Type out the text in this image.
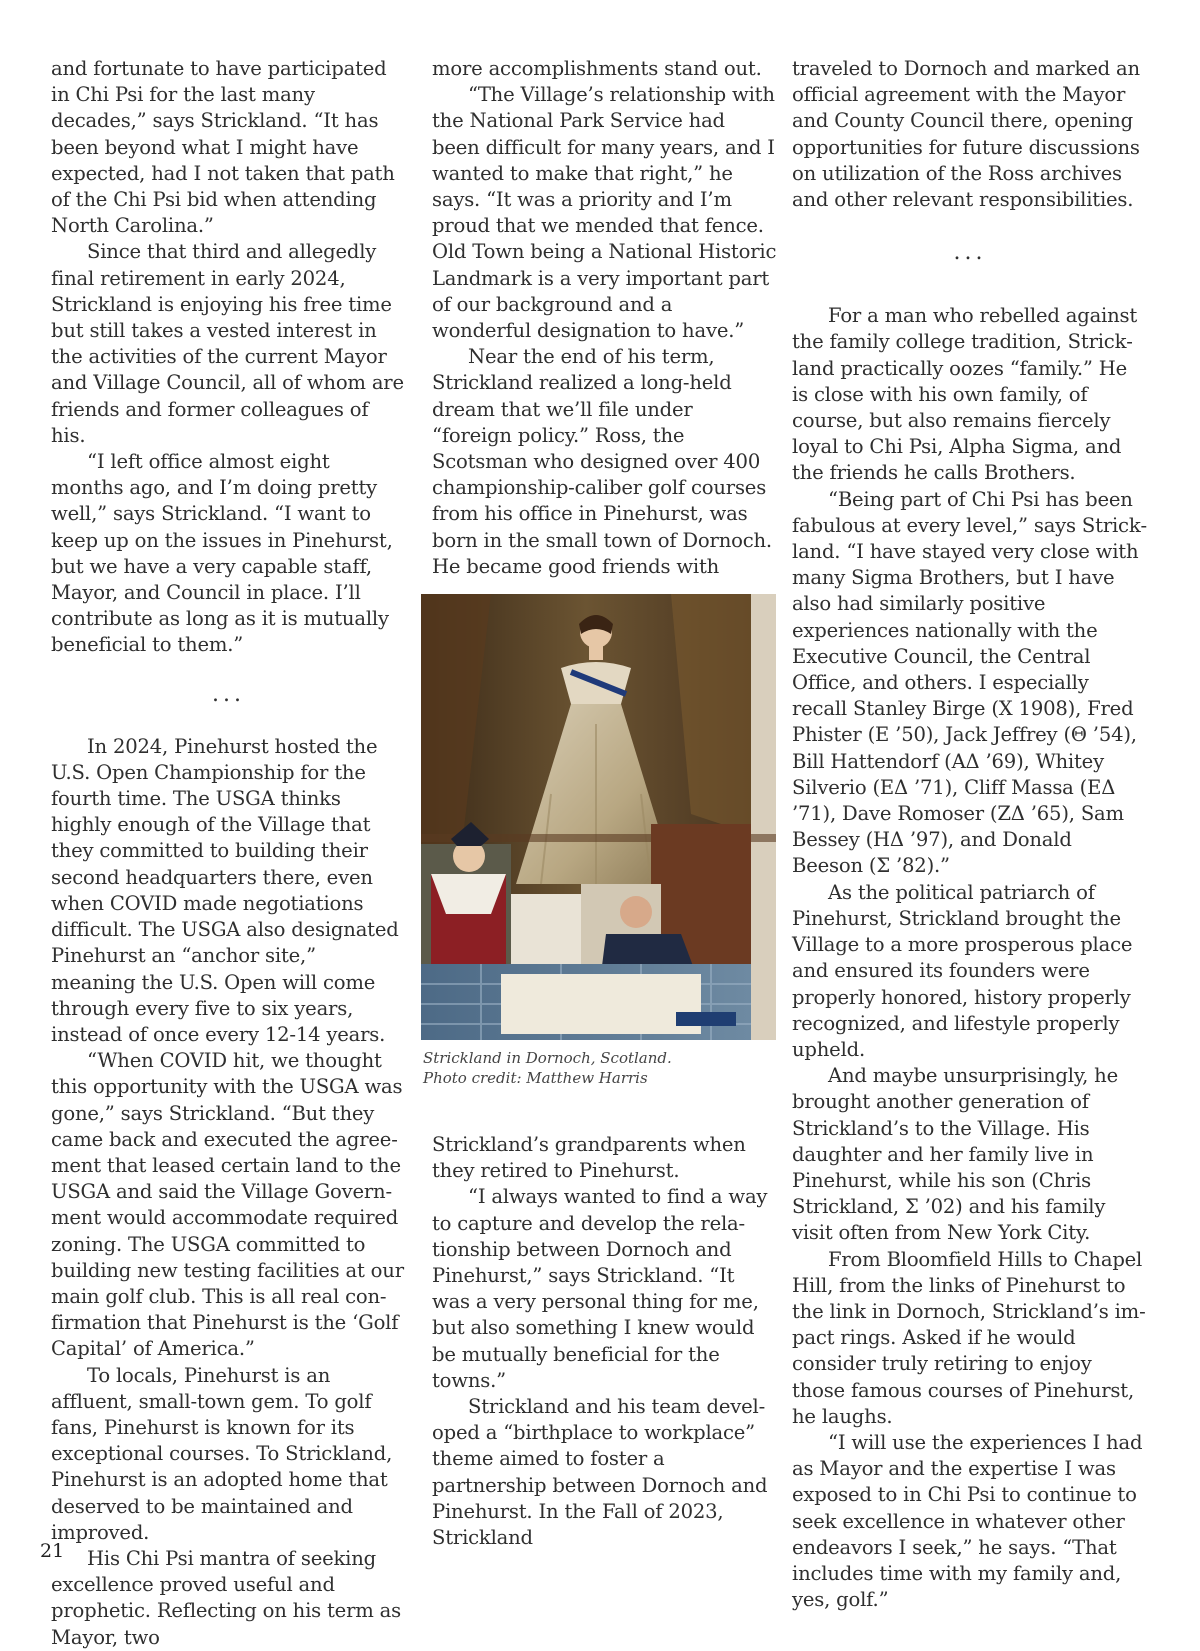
and fortunate to have participated in Chi Psi for the last many decades,” says Strickland. “It has been beyond what I might have expected, had I not taken that path of the Chi Psi bid when attending North Carolina.”

Since that third and allegedly final retirement in early 2024, Strickland is enjoying his free time but still takes a vested interest in the activities of the current Mayor and Village Council, all of whom are friends and former colleagues of his.

“I left office almost eight months ago, and I’m doing pretty well,” says Strickland. “I want to keep up on the issues in Pinehurst, but we have a very capable staff, Mayor, and Council in place. I’ll contribute as long as it is mutually beneficial to them.”

...

In 2024, Pinehurst hosted the U.S. Open Championship for the fourth time. The USGA thinks highly enough of the Village that they committed to building their second headquarters there, even when COVID made negotiations difficult. The USGA also designated Pinehurst an “anchor site,” meaning the U.S. Open will come through every five to six years, instead of once every 12-14 years.

“When COVID hit, we thought this opportunity with the USGA was gone,” says Strickland. “But they came back and executed the agreement that leased certain land to the USGA and said the Village Government would accommodate required zoning. The USGA committed to building new testing facilities at our main golf club. This is all real confirmation that Pinehurst is the ‘Golf Capital’ of America.”

To locals, Pinehurst is an affluent, small-town gem. To golf fans, Pinehurst is known for its exceptional courses. To Strickland, Pinehurst is an adopted home that deserved to be maintained and improved.

His Chi Psi mantra of seeking excellence proved useful and prophetic. Reflecting on his term as Mayor, two

more accomplishments stand out.

“The Village’s relationship with the National Park Service had been difficult for many years, and I wanted to make that right,” he says. “It was a priority and I’m proud that we mended that fence. Old Town being a National Historic Landmark is a very important part of our background and a wonderful designation to have.”

Near the end of his term, Strickland realized a long-held dream that we’ll file under “foreign policy.” Ross, the Scotsman who designed over 400 championship-caliber golf courses from his office in Pinehurst, was born in the small town of Dornoch. He became good friends with

Strickland in Dornoch, Scotland.

Photo credit: Matthew Harris

Strickland’s grandparents when they retired to Pinehurst.

“I always wanted to find a way to capture and develop the relationship between Dornoch and Pinehurst,” says Strickland. “It was a very personal thing for me, but also something I knew would be mutually beneficial for the towns.”

Strickland and his team developed a “birthplace to workplace” theme aimed to foster a partnership between Dornoch and Pinehurst. In the Fall of 2023, Strickland

traveled to Dornoch and marked an official agreement with the Mayor and County Council there, opening opportunities for future discussions on utilization of the Ross archives and other relevant responsibilities.

...

For a man who rebelled against the family college tradition, Strickland practically oozes “family.” He is close with his own family, of course, but also remains fiercely loyal to Chi Psi, Alpha Sigma, and the friends he calls Brothers.

“Being part of Chi Psi has been fabulous at every level,” says Strickland. “I have stayed very close with many Sigma Brothers, but I have also had similarly positive experiences nationally with the Executive Council, the Central Office, and others. I especially recall Stanley Birge (X 1908), Fred Phister (E ’50), Jack Jeffrey (Θ ’54), Bill Hattendorf (ΑΔ ’69), Whitey Silverio (ΕΔ ’71), Cliff Massa (ΕΔ ’71), Dave Romoser (ΖΔ ’65), Sam Bessey (ΗΔ ’97), and Donald Beeson (Σ ’82).”

As the political patriarch of Pinehurst, Strickland brought the Village to a more prosperous place and ensured its founders were properly honored, history properly recognized, and lifestyle properly upheld.

And maybe unsurprisingly, he brought another generation of Strickland’s to the Village. His daughter and her family live in Pinehurst, while his son (Chris Strickland, Σ ’02) and his family visit often from New York City.

From Bloomfield Hills to Chapel Hill, from the links of Pinehurst to the link in Dornoch, Strickland’s impact rings. Asked if he would consider truly retiring to enjoy those famous courses of Pinehurst, he laughs.

“I will use the experiences I had as Mayor and the expertise I was exposed to in Chi Psi to continue to seek excellence in whatever other endeavors I seek,” he says. “That includes time with my family and, yes, golf.”

21
